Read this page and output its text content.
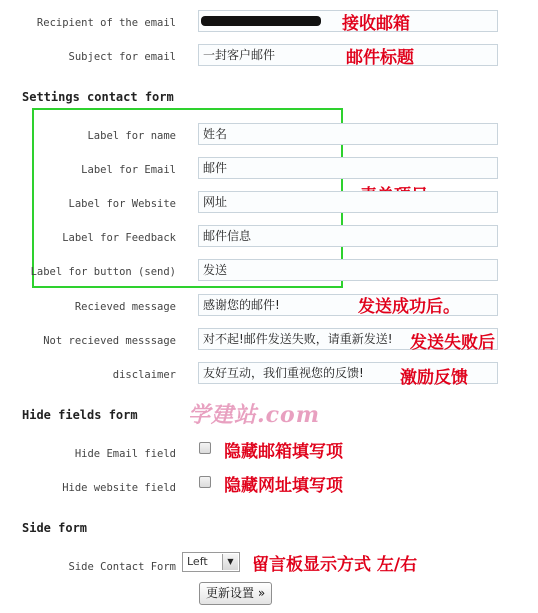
Recipient of the email	接收邮箱
Subject for email	一封客户邮件	邮件标题
Settings contact form
Label for name	姓名
Label for Email	邮件
Label for Website	网址
Label for Feedback	邮件信息
Label for button (send)	发送
Recieved message	感谢您的邮件!	发送成功后。
Not recieved messsage	对不起!邮件发送失败，请重新发送!	发送失败后
disclaimer	友好互动，我们重视您的反馈!	激励反馈
Hide fields form 学建站.com
Hide Email field	隐藏邮箱填写项
Hide website field	隐藏网址填写项
Side form
Side Contact Form	Left	▼ 留言板显示方式 左/右
更新设置 »
